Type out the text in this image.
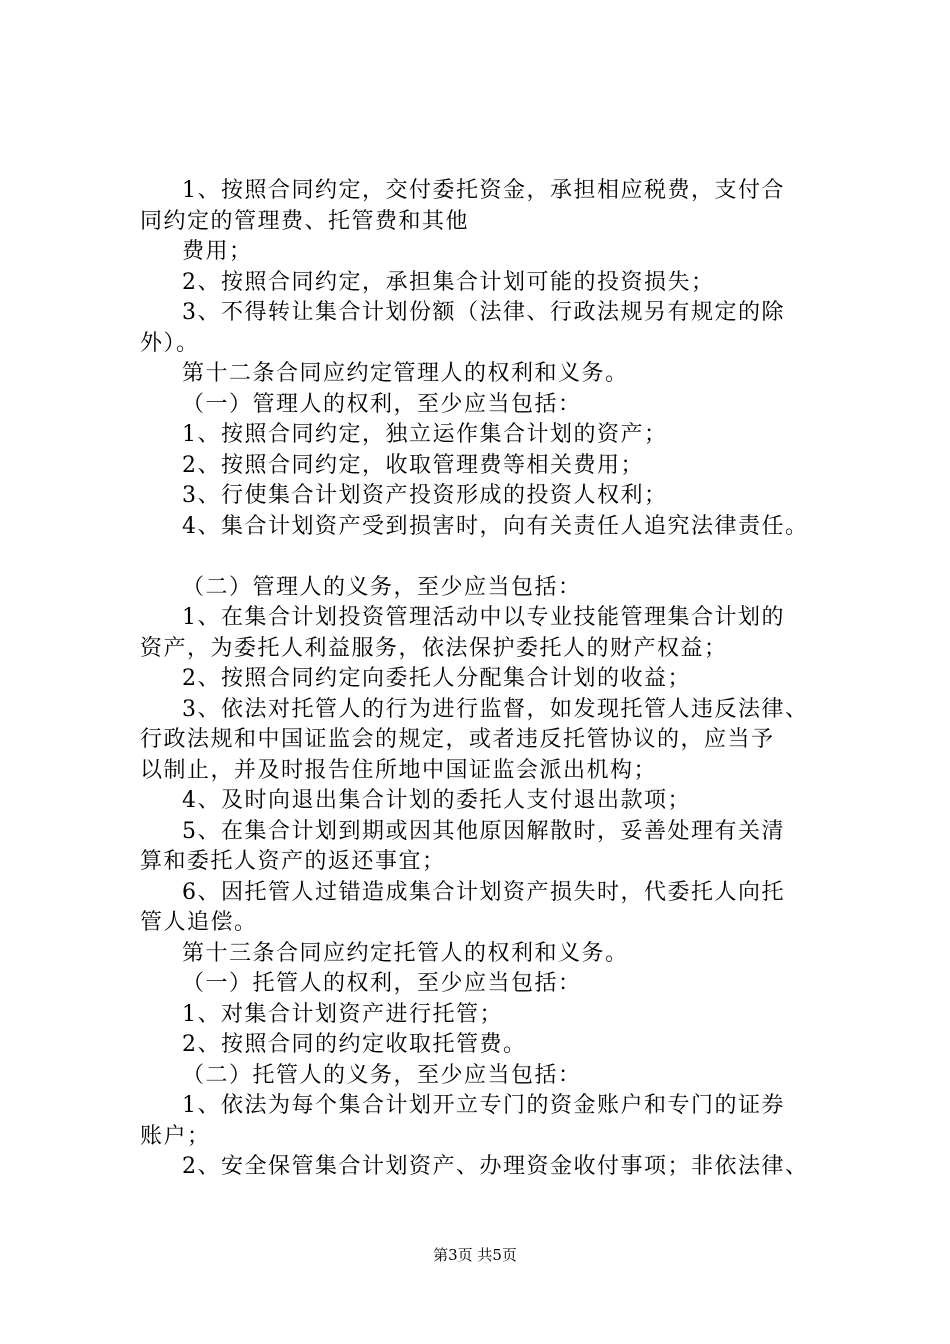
1、按照合同约定，交付委托资金，承担相应税费，支付合
同约定的管理费、托管费和其他
费用；
2、按照合同约定，承担集合计划可能的投资损失；
3、不得转让集合计划份额（法律、行政法规另有规定的除
外）。
第十二条合同应约定管理人的权利和义务。
（一）管理人的权利，至少应当包括：
1、按照合同约定，独立运作集合计划的资产；
2、按照合同约定，收取管理费等相关费用；
3、行使集合计划资产投资形成的投资人权利；
4、集合计划资产受到损害时，向有关责任人追究法律责任。
（二）管理人的义务，至少应当包括：
1、在集合计划投资管理活动中以专业技能管理集合计划的
资产，为委托人利益服务，依法保护委托人的财产权益；
2、按照合同约定向委托人分配集合计划的收益；
3、依法对托管人的行为进行监督，如发现托管人违反法律、
行政法规和中国证监会的规定，或者违反托管协议的，应当予
以制止，并及时报告住所地中国证监会派出机构；
4、及时向退出集合计划的委托人支付退出款项；
5、在集合计划到期或因其他原因解散时，妥善处理有关清
算和委托人资产的返还事宜；
6、因托管人过错造成集合计划资产损失时，代委托人向托
管人追偿。
第十三条合同应约定托管人的权利和义务。
（一）托管人的权利，至少应当包括：
1、对集合计划资产进行托管；
2、按照合同的约定收取托管费。
（二）托管人的义务，至少应当包括：
1、依法为每个集合计划开立专门的资金账户和专门的证券
账户；
2、安全保管集合计划资产、办理资金收付事项；非依法律、
第3页 共5页
